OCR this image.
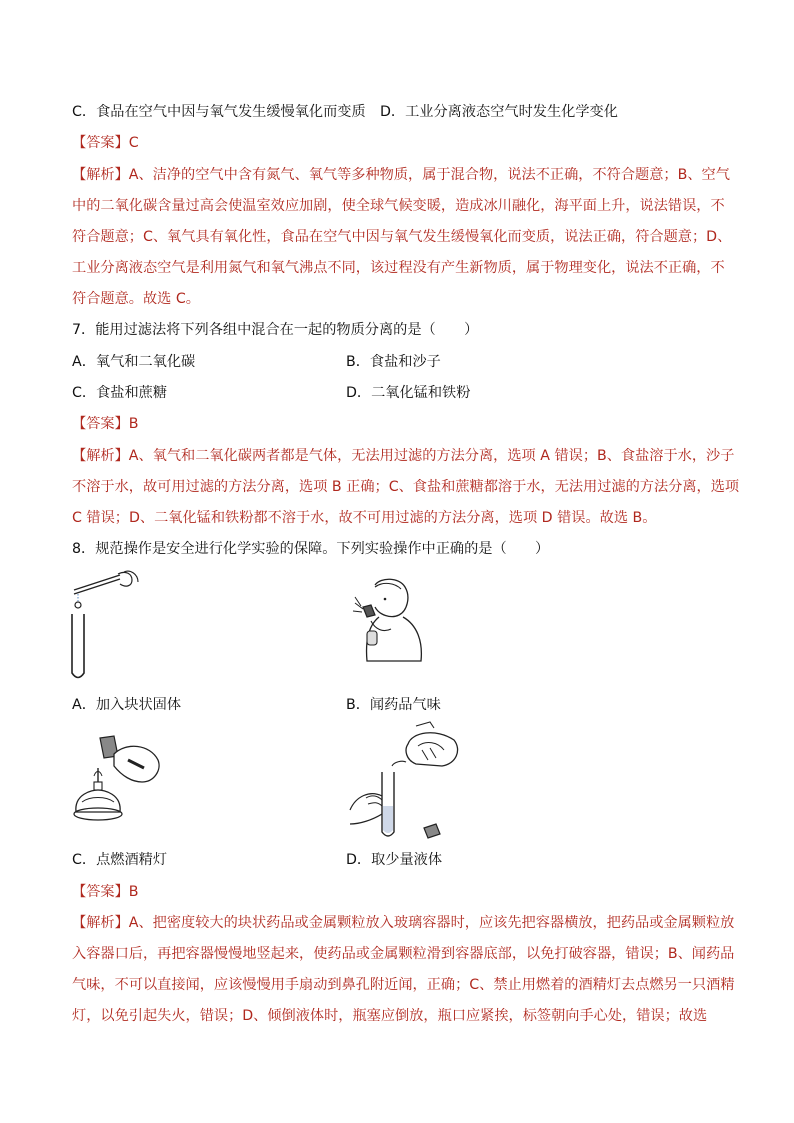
C．食品在空气中因与氧气发生缓慢氧化而变质 D．工业分离液态空气时发生化学变化
【答案】C
【解析】A、洁净的空气中含有氮气、氧气等多种物质，属于混合物，说法不正确，不符合题意；B、空气
中的二氧化碳含量过高会使温室效应加剧，使全球气候变暖，造成冰川融化，海平面上升，说法错误，不
符合题意；C、氧气具有氧化性，食品在空气中因与氧气发生缓慢氧化而变质，说法正确，符合题意；D、
工业分离液态空气是利用氮气和氧气沸点不同，该过程没有产生新物质，属于物理变化，说法不正确，不
符合题意。故选 C。
7．能用过滤法将下列各组中混合在一起的物质分离的是（　　）
A．氧气和二氧化碳	B．食盐和沙子
C．食盐和蔗糖	D．二氧化锰和铁粉
【答案】B
【解析】A、氧气和二氧化碳两者都是气体，无法用过滤的方法分离，选项 A 错误；B、食盐溶于水，沙子
不溶于水，故可用过滤的方法分离，选项 B 正确；C、食盐和蔗糖都溶于水，无法用过滤的方法分离，选项
C 错误；D、二氧化锰和铁粉都不溶于水，故不可用过滤的方法分离，选项 D 错误。故选 B。
8．规范操作是安全进行化学实验的保障。下列实验操作中正确的是（　　）
A．加入块状固体	B．闻药品气味
C．点燃酒精灯	D．取少量液体
【答案】B
【解析】A、把密度较大的块状药品或金属颗粒放入玻璃容器时，应该先把容器横放，把药品或金属颗粒放
入容器口后，再把容器慢慢地竖起来，使药品或金属颗粒滑到容器底部，以免打破容器，错误；B、闻药品
气味，不可以直接闻，应该慢慢用手扇动到鼻孔附近闻，正确；C、禁止用燃着的酒精灯去点燃另一只酒精
灯，以免引起失火，错误；D、倾倒液体时，瓶塞应倒放，瓶口应紧挨，标签朝向手心处，错误；故选
